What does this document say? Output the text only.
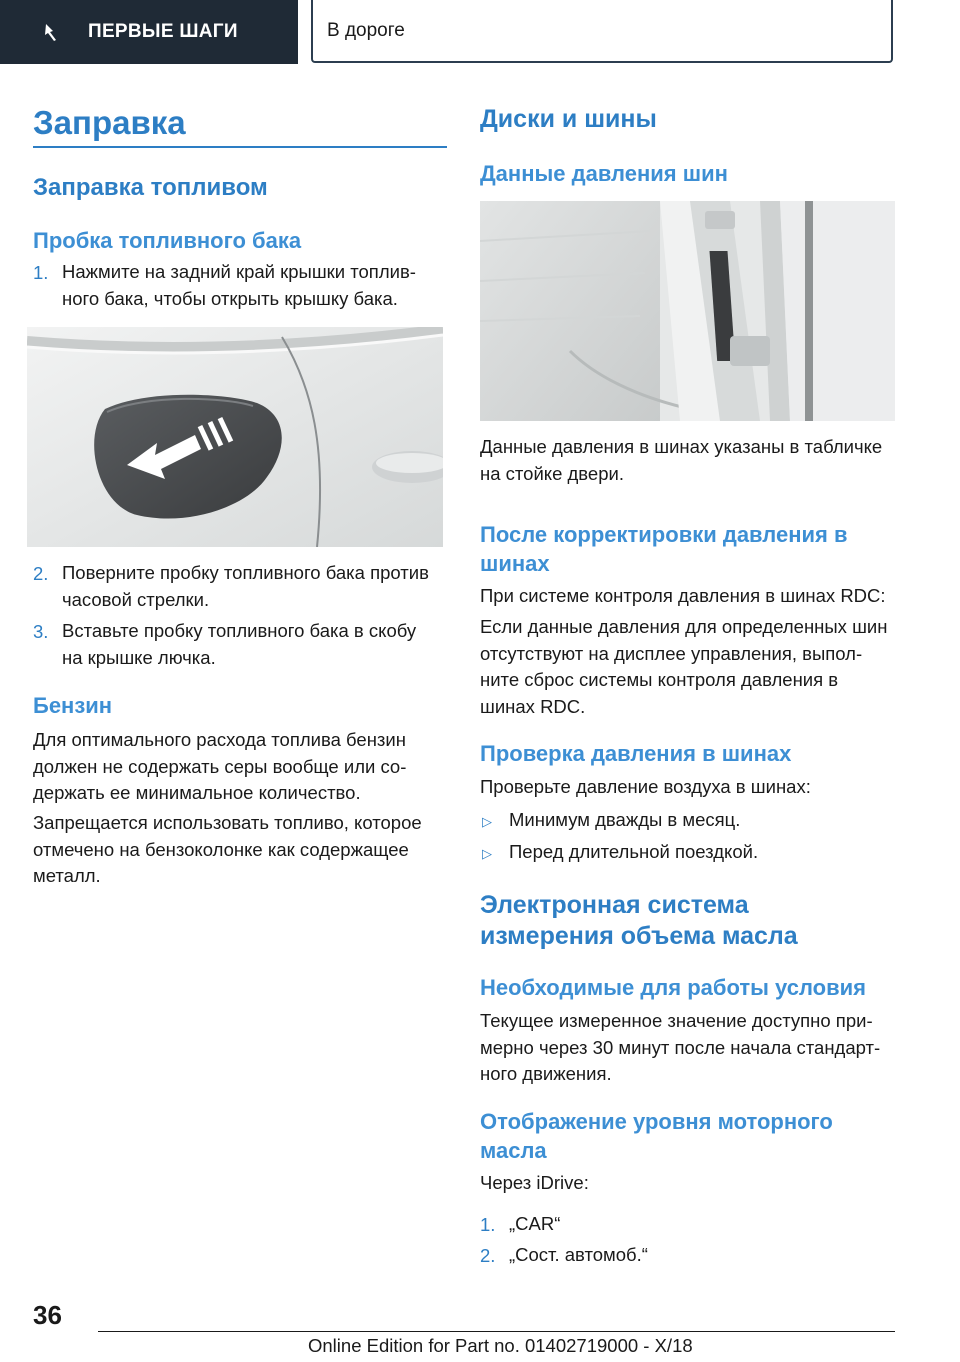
ПЕРВЫЕ ШАГИ	В дороге
Заправка
Заправка топливом
Пробка топливного бака
1. Нажмите на задний край крышки топлив-
ного бака, чтобы открыть крышку бака.
2. Поверните пробку топливного бака против
часовой стрелки.
3. Вставьте пробку топливного бака в скобу
на крышке лючка.
Бензин
Для оптимального расхода топлива бензин
должен не содержать серы вообще или со-
держать ее минимальное количество.
Запрещается использовать топливо, которое
отмечено на бензоколонке как содержащее
металл.
Диски и шины
Данные давления шин
Данные давления в шинах указаны в табличке
на стойке двери.
После корректировки давления в
шинах
При системе контроля давления в шинах RDC:
Если данные давления для определенных шин
отсутствуют на дисплее управления, выпол-
ните сброс системы контроля давления в
шинах RDC.
Проверка давления в шинах
Проверьте давление воздуха в шинах:
▷ Минимум дважды в месяц.
▷ Перед длительной поездкой.
Электронная система
измерения объема масла
Необходимые для работы условия
Текущее измеренное значение доступно при-
мерно через 30 минут после начала стандарт-
ного движения.
Отображение уровня моторного
масла
Через iDrive:
1. „CAR“
2. „Сост. автомоб.“
36
Online Edition for Part no. 01402719000 - X/18
